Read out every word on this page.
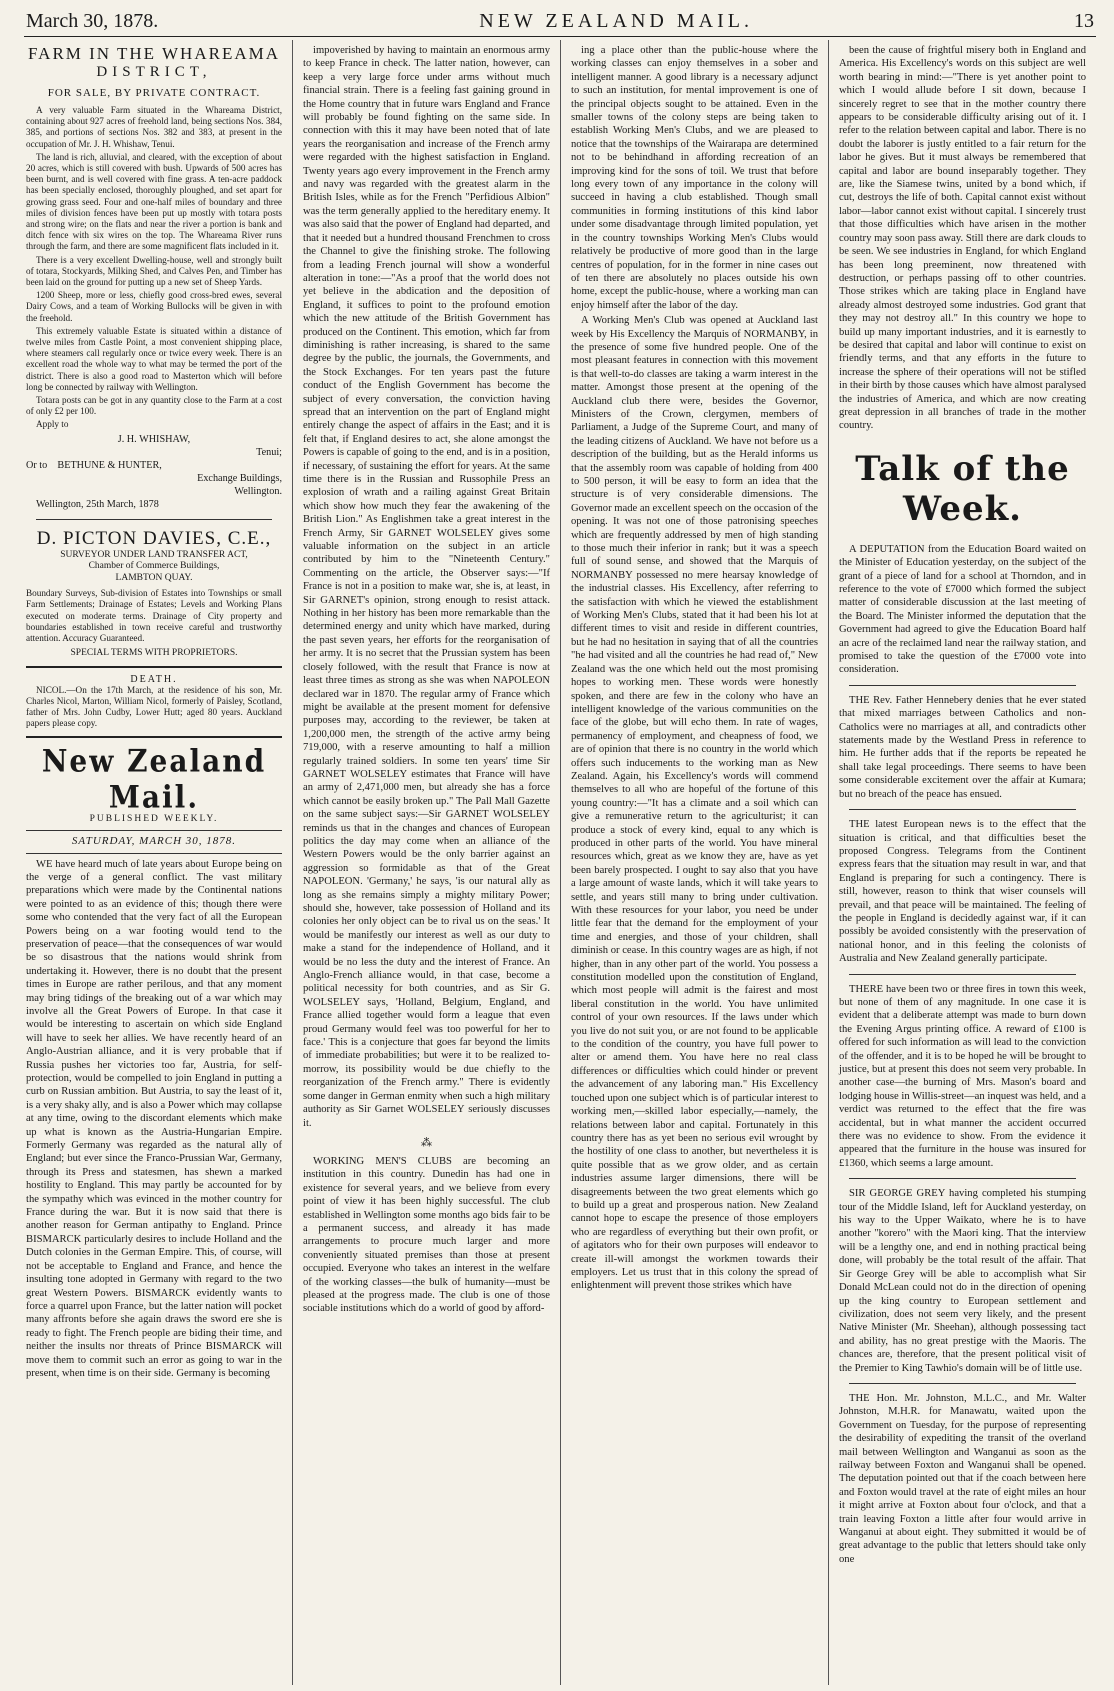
March 30, 1878.	NEW ZEALAND MAIL.	13
FARM IN THE WHAREAMA
DISTRICT,
FOR SALE, BY PRIVATE CONTRACT.

A very valuable Farm situated in the Whareama District, containing about 927 acres of freehold land, being sections Nos. 384, 385, and portions of sections Nos. 382 and 383, at present in the occupation of Mr. J. H. Whishaw, Tenui.

The land is rich, alluvial, and cleared, with the exception of about 20 acres, which is still covered with bush. Upwards of 500 acres has been burnt, and is well covered with fine grass. A ten-acre paddock has been specially enclosed, thoroughly ploughed, and set apart for growing grass seed. Four and one-half miles of boundary and three miles of division fences have been put up mostly with totara posts and strong wire; on the flats and near the river a portion is bank and ditch fence with six wires on the top. The Whareama River runs through the farm, and there are some magnificent flats included in it.

There is a very excellent Dwelling-house, well and strongly built of totara, Stockyards, Milking Shed, and Calves Pen, and Timber has been laid on the ground for putting up a new set of Sheep Yards.

1200 Sheep, more or less, chiefly good cross-bred ewes, several Dairy Cows, and a team of Working Bullocks will be given in with the freehold.

This extremely valuable Estate is situated within a distance of twelve miles from Castle Point, a most convenient shipping place, where steamers call regularly once or twice every week. There is an excellent road the whole way to what may be termed the port of the district. There is also a good road to Masterton which will before long be connected by railway with Wellington.

Totara posts can be got in any quantity close to the Farm at a cost of only £2 per 100.

Apply to

J. H. WHISHAW,
Tenui;
Or to BETHUNE & HUNTER,
Exchange Buildings,
Wellington.
Wellington, 25th March, 1878
D. PICTON DAVIES, C.E.,
SURVEYOR UNDER LAND TRANSFER ACT,
Chamber of Commerce Buildings,
LAMBTON QUAY.

Boundary Surveys, Sub-division of Estates into Townships or small Farm Settlements; Drainage of Estates; Levels and Working Plans executed on moderate terms. Drainage of City property and boundaries established in town receive careful and trustworthy attention. Accuracy Guaranteed.

SPECIAL TERMS WITH PROPRIETORS.
DEATH.

NICOL.—On the 17th March, at the residence of his son, Mr. Charles Nicol, Marton, William Nicol, formerly of Paisley, Scotland, father of Mrs. John Cudby, Lower Hutt; aged 80 years. Auckland papers please copy.

New Zealand Mail.
PUBLISHED WEEKLY.
SATURDAY, MARCH 30, 1878.

WE have heard much of late years about Europe being on the verge of a general conflict. The vast military preparations which were made by the Continental nations were pointed to as an evidence of this; though there were some who contended that the very fact of all the European Powers being on a war footing would tend to the preservation of peace—that the consequences of war would be so disastrous that the nations would shrink from undertaking it. However, there is no doubt that the present times in Europe are rather perilous, and that any moment may bring tidings of the breaking out of a war which may involve all the Great Powers of Europe. In that case it would be interesting to ascertain on which side England will have to seek her allies. We have recently heard of an Anglo-Austrian alliance, and it is very probable that if Russia pushes her victories too far, Austria, for self-protection, would be compelled to join England in putting a curb on Russian ambition. But Austria, to say the least of it, is a very shaky ally, and is also a Power which may collapse at any time, owing to the discordant elements which make up what is known as the Austria-Hungarian Empire. Formerly Germany was regarded as the natural ally of England; but ever since the Franco-Prussian War, Germany, through its Press and statesmen, has shewn a marked hostility to England. This may partly be accounted for by the sympathy which was evinced in the mother country for France during the war. But it is now said that there is another reason for German antipathy to England. Prince BISMARCK particularly desires to include Holland and the Dutch colonies in the German Empire. This, of course, will not be acceptable to England and France, and hence the insulting tone adopted in Germany with regard to the two great Western Powers. BISMARCK evidently wants to force a quarrel upon France, but the latter nation will pocket many affronts before she again draws the sword ere she is ready to fight. The French people are biding their time, and neither the insults nor threats of Prince BISMARCK will move them to commit such an error as going to war in the present, when time is on their side. Germany is becoming

impoverished by having to maintain an enormous army to keep France in check. The latter nation, however, can keep a very large force under arms without much financial strain. There is a feeling fast gaining ground in the Home country that in future wars England and France will probably be found fighting on the same side. In connection with this it may have been noted that of late years the reorganisation and increase of the French army were regarded with the highest satisfaction in England. Twenty years ago every improvement in the French army and navy was regarded with the greatest alarm in the British Isles, while as for the French "Perfidious Albion" was the term generally applied to the hereditary enemy. It was also said that the power of England had departed, and that it needed but a hundred thousand Frenchmen to cross the Channel to give the finishing stroke. The following from a leading French journal will show a wonderful alteration in tone:—"As a proof that the world does not yet believe in the abdication and the deposition of England, it suffices to point to the profound emotion which the new attitude of the British Government has produced on the Continent. This emotion, which far from diminishing is rather increasing, is shared to the same degree by the public, the journals, the Governments, and the Stock Exchanges. For ten years past the future conduct of the English Government has become the subject of every conversation, the conviction having spread that an intervention on the part of England might entirely change the aspect of affairs in the East; and it is felt that, if England desires to act, she alone amongst the Powers is capable of going to the end, and is in a position, if necessary, of sustaining the effort for years. At the same time there is in the Russian and Russophile Press an explosion of wrath and a railing against Great Britain which show how much they fear the awakening of the British Lion." As Englishmen take a great interest in the French Army, Sir GARNET WOLSELEY gives some valuable information on the subject in an article contributed by him to the "Nineteenth Century." Commenting on the article, the Observer says:—"If France is not in a position to make war, she is, at least, in Sir GARNET's opinion, strong enough to resist attack. Nothing in her history has been more remarkable than the determined energy and unity which have marked, during the past seven years, her efforts for the reorganisation of her army. It is no secret that the Prussian system has been closely followed, with the result that France is now at least three times as strong as she was when NAPOLEON declared war in 1870. The regular army of France which might be available at the present moment for defensive purposes may, according to the reviewer, be taken at 1,200,000 men, the strength of the active army being 719,000, with a reserve amounting to half a million regularly trained soldiers. In some ten years' time Sir GARNET WOLSELEY estimates that France will have an army of 2,471,000 men, but already she has a force which cannot be easily broken up." The Pall Mall Gazette on the same subject says:—Sir GARNET WOLSELEY reminds us that in the changes and chances of European politics the day may come when an alliance of the Western Powers would be the only barrier against an aggression so formidable as that of the Great NAPOLEON. 'Germany,' he says, 'is our natural ally as long as she remains simply a mighty military Power; should she, however, take possession of Holland and its colonies her only object can be to rival us on the seas.' It would be manifestly our interest as well as our duty to make a stand for the independence of Holland, and it would be no less the duty and the interest of France. An Anglo-French alliance would, in that case, become a political necessity for both countries, and as Sir G. WOLSELEY says, 'Holland, Belgium, England, and France allied together would form a league that even proud Germany would feel was too powerful for her to face.' This is a conjecture that goes far beyond the limits of immediate probabilities; but were it to be realized to-morrow, its possibility would be due chiefly to the reorganization of the French army." There is evidently some danger in German enmity when such a high military authority as Sir Garnet WOLSELEY seriously discusses it.

⁂

WORKING MEN'S CLUBS are becoming an institution in this country. Dunedin has had one in existence for several years, and we believe from every point of view it has been highly successful. The club established in Wellington some months ago bids fair to be a permanent success, and already it has made arrangements to procure much larger and more conveniently situated premises than those at present occupied. Everyone who takes an interest in the welfare of the working classes—the bulk of humanity—must be pleased at the progress made. The club is one of those sociable institutions which do a world of good by afford-

ing a place other than the public-house where the working classes can enjoy themselves in a sober and intelligent manner. A good library is a necessary adjunct to such an institution, for mental improvement is one of the principal objects sought to be attained. Even in the smaller towns of the colony steps are being taken to establish Working Men's Clubs, and we are pleased to notice that the townships of the Wairarapa are determined not to be behindhand in affording recreation of an improving kind for the sons of toil. We trust that before long every town of any importance in the colony will succeed in having a club established. Though small communities in forming institutions of this kind labor under some disadvantage through limited population, yet in the country townships Working Men's Clubs would relatively be productive of more good than in the large centres of population, for in the former in nine cases out of ten there are absolutely no places outside his own home, except the public-house, where a working man can enjoy himself after the labor of the day.

A Working Men's Club was opened at Auckland last week by His Excellency the Marquis of NORMANBY, in the presence of some five hundred people. One of the most pleasant features in connection with this movement is that well-to-do classes are taking a warm interest in the matter. Amongst those present at the opening of the Auckland club there were, besides the Governor, Ministers of the Crown, clergymen, members of Parliament, a Judge of the Supreme Court, and many of the leading citizens of Auckland. We have not before us a description of the building, but as the Herald informs us that the assembly room was capable of holding from 400 to 500 person, it will be easy to form an idea that the structure is of very considerable dimensions. The Governor made an excellent speech on the occasion of the opening. It was not one of those patronising speeches which are frequently addressed by men of high standing to those much their inferior in rank; but it was a speech full of sound sense, and showed that the Marquis of NORMANBY possessed no mere hearsay knowledge of the industrial classes. His Excellency, after referring to the satisfaction with which he viewed the establishment of Working Men's Clubs, stated that it had been his lot at different times to visit and reside in different countries, but he had no hesitation in saying that of all the countries "he had visited and all the countries he had read of," New Zealand was the one which held out the most promising hopes to working men. These words were honestly spoken, and there are few in the colony who have an intelligent knowledge of the various communities on the face of the globe, but will echo them. In rate of wages, permanency of employment, and cheapness of food, we are of opinion that there is no country in the world which offers such inducements to the working man as New Zealand. Again, his Excellency's words will commend themselves to all who are hopeful of the fortune of this young country:—"It has a climate and a soil which can give a remunerative return to the agriculturist; it can produce a stock of every kind, equal to any which is produced in other parts of the world. You have mineral resources which, great as we know they are, have as yet been barely prospected. I ought to say also that you have a large amount of waste lands, which it will take years to settle, and years still many to bring under cultivation. With these resources for your labor, you need be under little fear that the demand for the employment of your time and energies, and those of your children, shall diminish or cease. In this country wages are as high, if not higher, than in any other part of the world. You possess a constitution modelled upon the constitution of England, which most people will admit is the fairest and most liberal constitution in the world. You have unlimited control of your own resources. If the laws under which you live do not suit you, or are not found to be applicable to the condition of the country, you have full power to alter or amend them. You have here no real class differences or difficulties which could hinder or prevent the advancement of any laboring man." His Excellency touched upon one subject which is of particular interest to working men,—skilled labor especially,—namely, the relations between labor and capital. Fortunately in this country there has as yet been no serious evil wrought by the hostility of one class to another, but nevertheless it is quite possible that as we grow older, and as certain industries assume larger dimensions, there will be disagreements between the two great elements which go to build up a great and prosperous nation. New Zealand cannot hope to escape the presence of those employers who are regardless of everything but their own profit, or of agitators who for their own purposes will endeavor to create ill-will amongst the workmen towards their employers. Let us trust that in this colony the spread of enlightenment will prevent those strikes which have

been the cause of frightful misery both in England and America. His Excellency's words on this subject are well worth bearing in mind:—"There is yet another point to which I would allude before I sit down, because I sincerely regret to see that in the mother country there appears to be considerable difficulty arising out of it. I refer to the relation between capital and labor. There is no doubt the laborer is justly entitled to a fair return for the labor he gives. But it must always be remembered that capital and labor are bound inseparably together. They are, like the Siamese twins, united by a bond which, if cut, destroys the life of both. Capital cannot exist without labor—labor cannot exist without capital. I sincerely trust that those difficulties which have arisen in the mother country may soon pass away. Still there are dark clouds to be seen. We see industries in England, for which England has been long preeminent, now threatened with destruction, or perhaps passing off to other countries. Those strikes which are taking place in England have already almost destroyed some industries. God grant that they may not destroy all." In this country we hope to build up many important industries, and it is earnestly to be desired that capital and labor will continue to exist on friendly terms, and that any efforts in the future to increase the sphere of their operations will not be stifled in their birth by those causes which have almost paralysed the industries of America, and which are now creating great depression in all branches of trade in the mother country.

Talk of the Week.

A DEPUTATION from the Education Board waited on the Minister of Education yesterday, on the subject of the grant of a piece of land for a school at Thorndon, and in reference to the vote of £7000 which formed the subject matter of considerable discussion at the last meeting of the Board. The Minister informed the deputation that the Government had agreed to give the Education Board half an acre of the reclaimed land near the railway station, and promised to take the question of the £7000 vote into consideration.

THE Rev. Father Hennebery denies that he ever stated that mixed marriages between Catholics and non-Catholics were no marriages at all, and contradicts other statements made by the Westland Press in reference to him. He further adds that if the reports be repeated he shall take legal proceedings. There seems to have been some considerable excitement over the affair at Kumara; but no breach of the peace has ensued.

THE latest European news is to the effect that the situation is critical, and that difficulties beset the proposed Congress. Telegrams from the Continent express fears that the situation may result in war, and that England is preparing for such a contingency. There is still, however, reason to think that wiser counsels will prevail, and that peace will be maintained. The feeling of the people in England is decidedly against war, if it can possibly be avoided consistently with the preservation of national honor, and in this feeling the colonists of Australia and New Zealand generally participate.

THERE have been two or three fires in town this week, but none of them of any magnitude. In one case it is evident that a deliberate attempt was made to burn down the Evening Argus printing office. A reward of £100 is offered for such information as will lead to the conviction of the offender, and it is to be hoped he will be brought to justice, but at present this does not seem very probable. In another case—the burning of Mrs. Mason's board and lodging house in Willis-street—an inquest was held, and a verdict was returned to the effect that the fire was accidental, but in what manner the accident occurred there was no evidence to show. From the evidence it appeared that the furniture in the house was insured for £1360, which seems a large amount.

SIR GEORGE GREY having completed his stumping tour of the Middle Island, left for Auckland yesterday, on his way to the Upper Waikato, where he is to have another "korero" with the Maori king. That the interview will be a lengthy one, and end in nothing practical being done, will probably be the total result of the affair. That Sir George Grey will be able to accomplish what Sir Donald McLean could not do in the direction of opening up the king country to European settlement and civilization, does not seem very likely, and the present Native Minister (Mr. Sheehan), although possessing tact and ability, has no great prestige with the Maoris. The chances are, therefore, that the present political visit of the Premier to King Tawhio's domain will be of little use.

THE Hon. Mr. Johnston, M.L.C., and Mr. Walter Johnston, M.H.R. for Manawatu, waited upon the Government on Tuesday, for the purpose of representing the desirability of expediting the transit of the overland mail between Wellington and Wanganui as soon as the railway between Foxton and Wanganui shall be opened. The deputation pointed out that if the coach between here and Foxton would travel at the rate of eight miles an hour it might arrive at Foxton about four o'clock, and that a train leaving Foxton a little after four would arrive in Wanganui at about eight. They submitted it would be of great advantage to the public that letters should take only one
